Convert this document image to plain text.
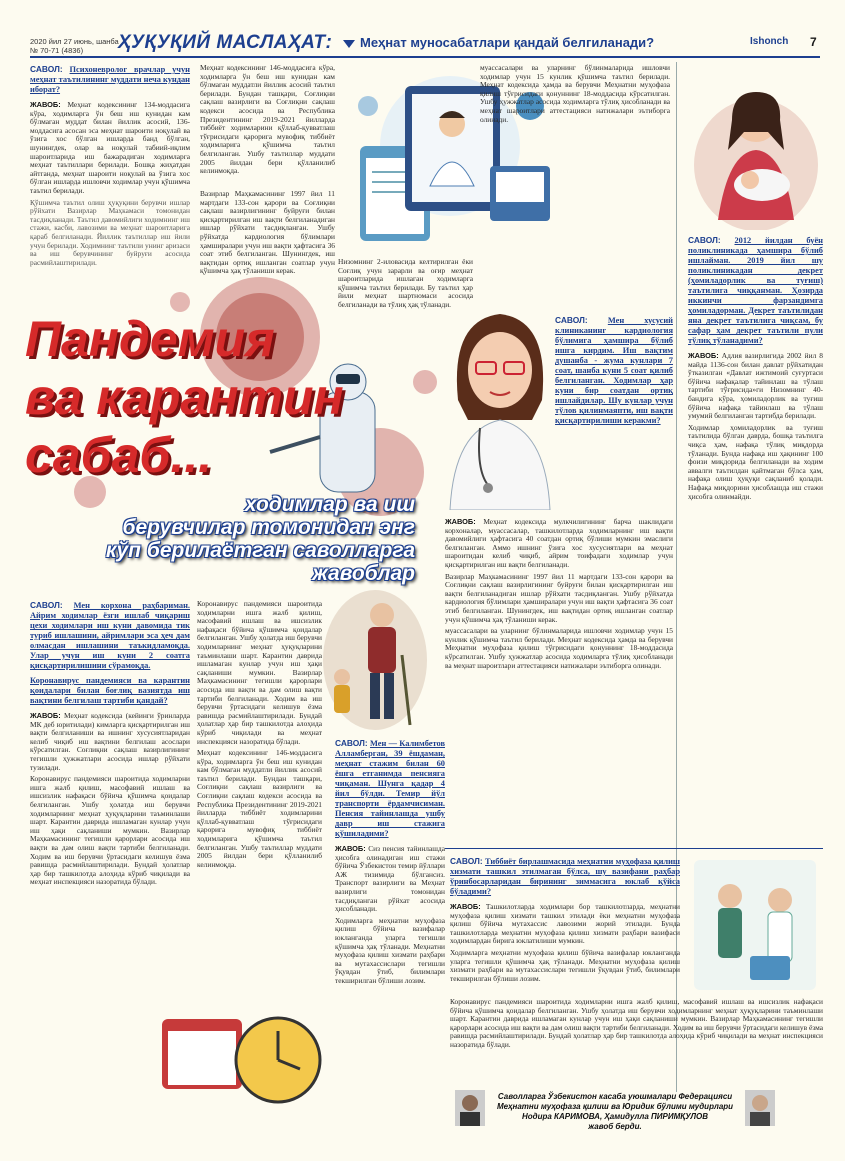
2020 йил 27 июнь, шанба № 70-71 (4836)	ҲУҚУҚИЙ МАСЛАҲАТ: Меҳнат муносабатлари қандай белгиланади?	Ishonch 7
САВОЛ: Психоневролог врачлар учун меҳнат таътилининг муддати неча кундан иборат?
ЖАВОБ: Меҳнат кодексининг 134-моддасига кўра, ходимларга ўн беш иш кунидан кам бўлмаган муддат билан йиллик асосий, 136-моддасига асосан эса меҳнат шароити ноқулай ва ўзига хос бўлган ишларда банд бўлган, шунингдек, олар ва ноқулай табиий-иқлим шароитларида иш бажарадиган ходимларга меҳнат таътиллари берилади. Бошқа жиҳатдан айтганда, меҳнат шароити ноқулай ва ўзига хос бўлган ишларда ишловчи ходимлар учун қўшимча таътил берилади.
Қўшимча таътил олиш ҳуқуқини берувчи ишлар рўйхати Вазирлар Маҳкамаси томонидан тасдиқланади. Таътил давомийлиги ходимнинг иш стажи, касби, лавозими ва меҳнат шароитларига қараб белгиланади. Йиллик таътиллар иш йили учун берилади. Ходимнинг таътили унинг аризаси ва иш берувчининг буйруғи асосида расмийлаштирилади.
Меҳнат кодексининг 146-моддасига кўра, ходимларга ўн беш иш кунидан кам бўлмаган муддатли йиллик асосий таътил берилади. Бундан ташқари, Соғлиқни сақлаш вазирлиги ва Соғлиқни сақлаш кодекси асосида ва Республика Президентининг 2019-2021 йилларда тиббиёт ходимларини қўллаб-қувватлаш тўғрисидаги қарорига мувофиқ тиббиёт ходимларига қўшимча таътил белгиланган. Ушбу таътиллар муддати 2005 йилдан бери қўлланилиб келинмоқда.
Вазирлар Маҳкамасининг 1997 йил 11 мартдаги 133-сон қарори ва Соғлиқни сақлаш вазирлигининг буйруғи билан қисқартирилган иш вақти белгиланадиган ишлар рўйхати тасдиқланган. Ушбу рўйхатда кардиология бўлимлари ҳамширалари учун иш вақти ҳафтасига 36 соат этиб белгиланган. Шунингдек, иш вақтидан ортиқ ишланган соатлар учун қўшимча ҳақ тўланиши керак.
Низомнинг 2-иловасида келтирилган ёки Соғлиқ учун зарарли ва оғир меҳнат шароитларида ишлаган ходимларга қўшимча таътил берилади. Бу таътил ҳар йили меҳнат шартномаси асосида белгиланади ва тўлиқ ҳақ тўланади.
муассасалари ва уларнинг бўлинмаларида ишловчи ходимлар учун 15 кунлик қўшимча таътил берилади. Меҳнат кодексида ҳамда ва берувчи Меҳнатни муҳофаза қилиш тўғрисидаги қонуннинг 18-моддасида кўрсатилган. Ушбу ҳужжатлар асосида ходимларга тўлиқ ҳисобланади ва меҳнат шароитлари аттестацияси натижалари эътиборга олинади.
САВОЛ: 2012 йилдан буён поликлиникада ҳамшира бўлиб ишлайман. 2019 йил шу поликлиникадан декрет (ҳомиладорлик ва туғиш) таътилига чиққанман. Ҳозирда иккинчи фарзандимга ҳомиладорман. Декрет таътилидан яна декрет таътилига чиқсам, бу сафар ҳам декрет таътили пули тўлиқ тўланадими?
ЖАВОБ: Адлия вазирлигида 2002 йил 8 майда 1136-сон билан давлат рўйхатидан ўтказилган «Давлат ижтимоий суғуртаси бўйича нафақалар тайинлаш ва тўлаш тартиби тўғрисида»ги Низомнинг 40-бандига кўра, ҳомиладорлик ва туғиш бўйича нафақа тайинлаш ва тўлаш умумий белгиланган тартибда берилади.
Ходимлар ҳомиладорлик ва туғиш таътилида бўлган даврда, бошқа таътилга чиқса ҳам, нафақа тўлиқ миқдорда тўланади. Бунда нафақа иш ҳақининг 100 фоизи миқдорида белгиланади ва ходим аввалги таътилдан қайтмаган бўлса ҳам, нафақа олиш ҳуқуқи сақланиб қолади. Нафақа миқдорини ҳисоблашда иш стажи ҳисобга олинмайди.
Пандемия
ва карантин
сабаб...
ходимлар ва иш
берувчилар томонидан энг
кўп берилаётган саволларга
жавоблар
САВОЛ: Мен хусусий клиниканинг кардиология бўлимига ҳамшира бўлиб ишга кирдим. Иш вақтим душанба - жума кунлари 7 соат, шанба куни 5 соат қилиб белгиланган. Ходимлар ҳар куни бир соатдан ортиқ ишлайдилар. Шу кунлар учун тўлов қилинмаяпти, иш вақти қисқартирилиши керакми?
ЖАВОБ: Меҳнат кодексида мулкчилигининг барча шаклидаги корхоналар, муассасалар, ташкилотларда ходимларнинг иш вақти давомийлиги ҳафтасига 40 соатдан ортиқ бўлиши мумкин эмаслиги белгиланган. Аммо ишнинг ўзига хос хусусиятлари ва меҳнат шароитидан келиб чиқиб, айрим тоифадаги ходимлар учун қисқартирилган иш вақти белгиланади.
Вазирлар Маҳкамасининг 1997 йил 11 мартдаги 133-сон қарори ва Соғлиқни сақлаш вазирлигининг буйруғи билан қисқартирилган иш вақти белгиланадиган ишлар рўйхати тасдиқланган. Ушбу рўйхатда кардиология бўлимлари ҳамширалари учун иш вақти ҳафтасига 36 соат этиб белгиланган. Шунингдек, иш вақтидан ортиқ ишланган соатлар учун қўшимча ҳақ тўланиши керак.
муассасалари ва уларнинг бўлинмаларида ишловчи ходимлар учун 15 кунлик қўшимча таътил берилади. Меҳнат кодексида ҳамда ва берувчи Меҳнатни муҳофаза қилиш тўғрисидаги қонуннинг 18-моддасида кўрсатилган. Ушбу ҳужжатлар асосида ходимларга тўлиқ ҳисобланади ва меҳнат шароитлари аттестацияси натижалари эътиборга олинади.
САВОЛ: Мен корхона раҳбариман. Айрим ходимлар ёзги ишлаб чиқариш цехи ходимлари иш куни давомида тик туриб ишлашини, айримлари эса ҳеч дам олмасдан ишлашини таъкидламоқда. Улар учун иш куни 2 соатга қисқартирилишини сўрамоқда.
Коронавирус пандемияси ва карантин қоидалари билан боғлиқ вазиятда иш вақтини белгилаш тартиби қандай?
ЖАВОБ: Меҳнат кодексида (кейинги ўринларда МК деб юритилади) кимларга қисқартирилган иш вақти белгиланиши ва ишнинг хусусиятларидан келиб чиқиб иш вақтини белгилаш асослари кўрсатилган. Соғлиқни сақлаш вазирлигининг тегишли ҳужжатлари асосида ишлар рўйхати тузилади.
Коронавирус пандемияси шароитида ходимларни ишга жалб қилиш, масофавий ишлаш ва ишсизлик нафақаси бўйича қўшимча қоидалар белгиланган. Ушбу ҳолатда иш берувчи ходимларнинг меҳнат ҳуқуқларини таъминлаши шарт. Карантин даврида ишламаган кунлар учун иш ҳақи сақланиши мумкин. Вазирлар Маҳкамасининг тегишли қарорлари асосида иш вақти ва дам олиш вақти тартиби белгиланади. Ходим ва иш берувчи ўртасидаги келишув ёзма равишда расмийлаштирилади. Бундай ҳолатлар ҳар бир ташкилотда алоҳида кўриб чиқилади ва меҳнат инспекцияси назоратида бўлади.
Коронавирус пандемияси шароитида ходимларни ишга жалб қилиш, масофавий ишлаш ва ишсизлик нафақаси бўйича қўшимча қоидалар белгиланган. Ушбу ҳолатда иш берувчи ходимларнинг меҳнат ҳуқуқларини таъминлаши шарт. Карантин даврида ишламаган кунлар учун иш ҳақи сақланиши мумкин. Вазирлар Маҳкамасининг тегишли қарорлари асосида иш вақти ва дам олиш вақти тартиби белгиланади. Ходим ва иш берувчи ўртасидаги келишув ёзма равишда расмийлаштирилади. Бундай ҳолатлар ҳар бир ташкилотда алоҳида кўриб чиқилади ва меҳнат инспекцияси назоратида бўлади.
Меҳнат кодексининг 146-моддасига кўра, ходимларга ўн беш иш кунидан кам бўлмаган муддатли йиллик асосий таътил берилади. Бундан ташқари, Соғлиқни сақлаш вазирлиги ва Соғлиқни сақлаш кодекси асосида ва Республика Президентининг 2019-2021 йилларда тиббиёт ходимларини қўллаб-қувватлаш тўғрисидаги қарорига мувофиқ тиббиёт ходимларига қўшимча таътил белгиланган. Ушбу таътиллар муддати 2005 йилдан бери қўлланилиб келинмоқда.
САВОЛ: Мен — Калимбетов Алламберган, 39 ёшдаман, меҳнат стажим билан 60 ёшга етганимда пенсияга чиқаман. Шунга қадар 4 йил бўлди. Темир йўл транспорти ёрдамчисиман. Пенсия тайинлашда ушбу давр иш стажига қўшиладими?
ЖАВОБ: Сиз пенсия тайинлашда ҳисобга олинадиган иш стажи бўйича Ўзбекистон темир йўллари АЖ тизимида бўлгансиз. Транспорт вазирлиги ва Меҳнат вазирлиги томонидан тасдиқланган рўйхат асосида ҳисобланади.
Ходимларга меҳнатни муҳофаза қилиш бўйича вазифалар юкланганда уларга тегишли қўшимча ҳақ тўланади. Меҳнатни муҳофаза қилиш хизмати раҳбари ва мутахассислари тегишли ўқувдан ўтиб, билимлари текширилган бўлиши лозим.
САВОЛ: Тиббиёт бирлашмасида меҳнатни муҳофаза қилиш хизмати ташкил этилмаган бўлса, шу вазифани раҳбар ўринбосарларидан бирининг зиммасига юклаб қўйса бўладими?
ЖАВОБ: Ташкилотларда ходимлари бор ташкилотларда, меҳнатни муҳофаза қилиш хизмати ташкил этилади ёки меҳнатни муҳофаза қилиш бўйича мутахассис лавозими жорий этилади. Бунда ташкилотларда меҳнатни муҳофаза қилиш хизмати раҳбари вазифаси ходимлардан бирига юклатилиши мумкин.
Ходимларга меҳнатни муҳофаза қилиш бўйича вазифалар юкланганда уларга тегишли қўшимча ҳақ тўланади. Меҳнатни муҳофаза қилиш хизмати раҳбари ва мутахассислари тегишли ўқувдан ўтиб, билимлари текширилган бўлиши лозим.
Коронавирус пандемияси шароитида ходимларни ишга жалб қилиш, масофавий ишлаш ва ишсизлик нафақаси бўйича қўшимча қоидалар белгиланган. Ушбу ҳолатда иш берувчи ходимларнинг меҳнат ҳуқуқларини таъминлаши шарт. Карантин даврида ишламаган кунлар учун иш ҳақи сақланиши мумкин. Вазирлар Маҳкамасининг тегишли қарорлари асосида иш вақти ва дам олиш вақти тартиби белгиланади. Ходим ва иш берувчи ўртасидаги келишув ёзма равишда расмийлаштирилади. Бундай ҳолатлар ҳар бир ташкилотда алоҳида кўриб чиқилади ва меҳнат инспекцияси назоратида бўлади.
Саволларга Ўзбекистон касаба уюшмалари Федерацияси
Меҳнатни муҳофаза қилиш ва Юридик бўлими мудирлари
Нодира КАРИМОВА, Ҳамидулла ПИРИМҚУЛОВ
жавоб берди.
